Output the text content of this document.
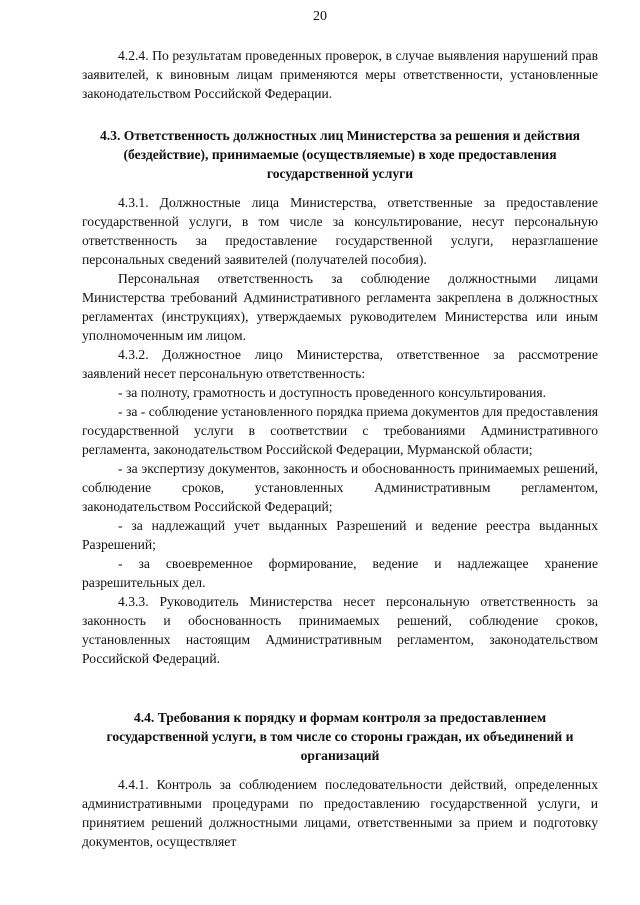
20

4.2.4. По результатам проведенных проверок, в случае выявления нарушений прав заявителей, к виновным лицам применяются меры ответственности, установленные законодательством Российской Федерации.

4.3. Ответственность должностных лиц Министерства за решения и действия (бездействие), принимаемые (осуществляемые) в ходе предоставления государственной услуги

4.3.1. Должностные лица Министерства, ответственные за предоставление государственной услуги, в том числе за консультирование, несут персональную ответственность за предоставление государственной услуги, неразглашение персональных сведений заявителей (получателей пособия).

Персональная ответственность за соблюдение должностными лицами Министерства требований Административного регламента закреплена в должностных регламентах (инструкциях), утверждаемых руководителем Министерства или иным уполномоченным им лицом.

4.3.2. Должностное лицо Министерства, ответственное за рассмотрение заявлений несет персональную ответственность:

- за полноту, грамотность и доступность проведенного консультирования.

- за - соблюдение установленного порядка приема документов для предоставления государственной услуги в соответствии с требованиями Административного регламента, законодательством Российской Федерации, Мурманской области;

- за экспертизу документов, законность и обоснованность принимаемых решений, соблюдение сроков, установленных Административным регламентом, законодательством Российской Федераций;

- за надлежащий учет выданных Разрешений и ведение реестра выданных Разрешений;

- за своевременное формирование, ведение и надлежащее хранение разрешительных дел.

4.3.3. Руководитель Министерства несет персональную ответственность за законность и обоснованность принимаемых решений, соблюдение сроков, установленных настоящим Административным регламентом, законодательством Российской Федераций.

4.4. Требования к порядку и формам контроля за предоставлением государственной услуги, в том числе со стороны граждан, их объединений и организаций

4.4.1. Контроль за соблюдением последовательности действий, определенных административными процедурами по предоставлению государственной услуги, и принятием решений должностными лицами, ответственными за прием и подготовку документов, осуществляет
